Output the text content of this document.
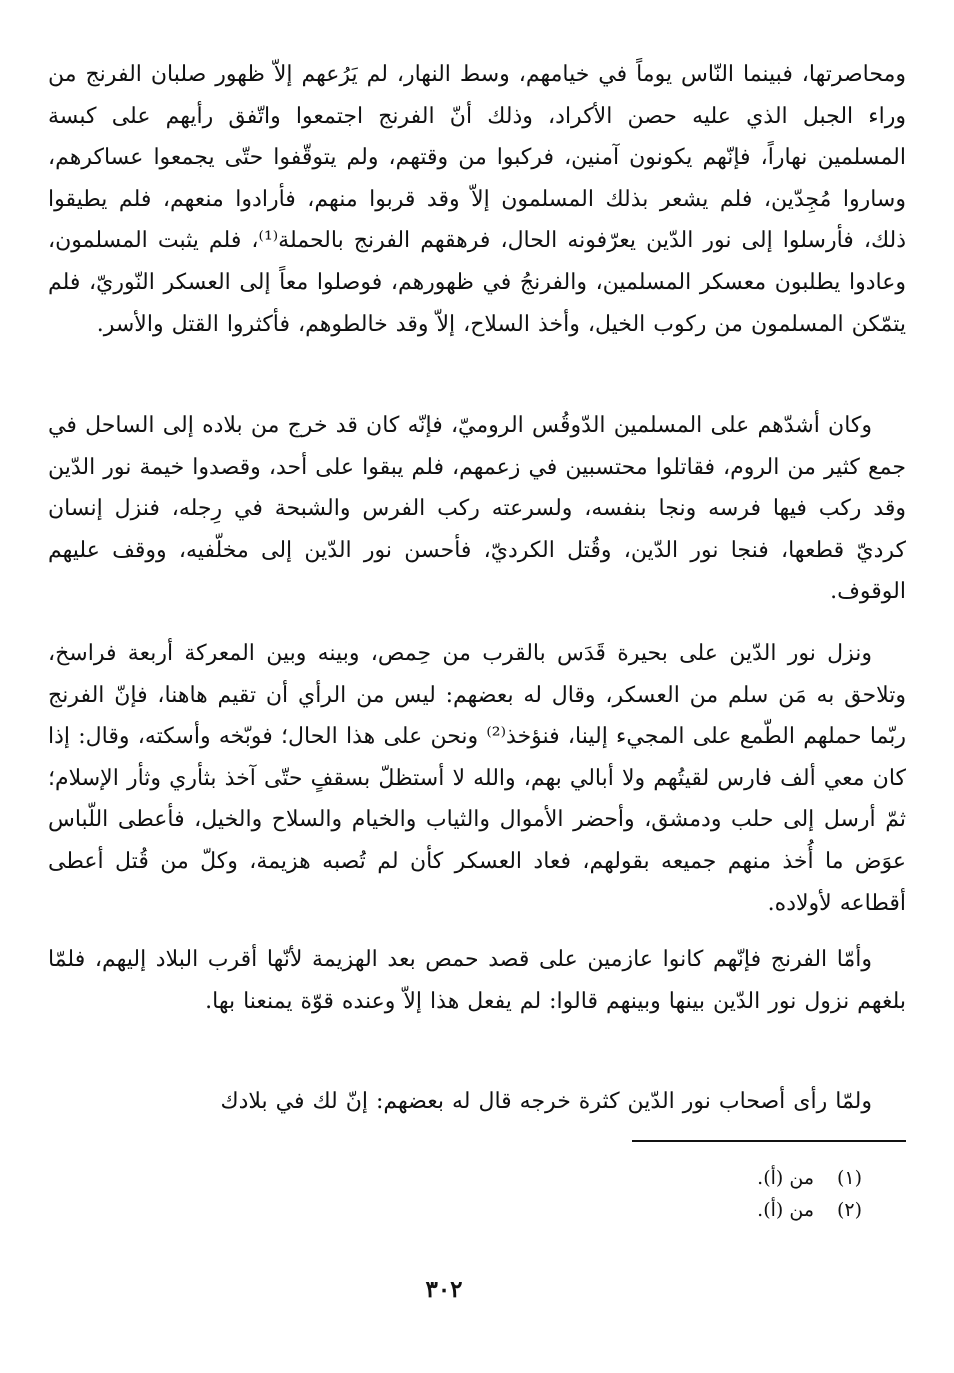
ومحاصرتها، فبينما النّاس يوماً في خيامهم، وسط النهار، لم يَرُعهم إلاّ ظهور صلبان الفرنج من وراء الجبل الذي عليه حصن الأكراد، وذلك أنّ الفرنج اجتمعوا واتّفق رأيهم على كبسة المسلمين نهاراً، فإنّهم يكونون آمنين، فركبوا من وقتهم، ولم يتوقّفوا حتّى يجمعوا عساكرهم، وساروا مُجِدّين، فلم يشعر بذلك المسلمون إلاّ وقد قربوا منهم، فأرادوا منعهم، فلم يطيقوا ذلك، فأرسلوا إلى نور الدّين يعرّفونه الحال، فرهقهم الفرنج بالحملة⁽¹⁾، فلم يثبت المسلمون، وعادوا يطلبون معسكر المسلمين، والفرنجُ في ظهورهم، فوصلوا معاً إلى العسكر النّوريّ، فلم يتمّكن المسلمون من ركوب الخيل، وأخذ السلاح، إلاّ وقد خالطوهم، فأكثروا القتل والأسر.

وكان أشدّهم على المسلمين الدّوقُس الروميّ، فإنّه كان قد خرج من بلاده إلى الساحل في جمع كثير من الروم، فقاتلوا محتسبين في زعمهم، فلم يبقوا على أحد، وقصدوا خيمة نور الدّين وقد ركب فيها فرسه ونجا بنفسه، ولسرعته ركب الفرس والشبحة في رِجله، فنزل إنسان كرديّ قطعها، فنجا نور الدّين، وقُتل الكرديّ، فأحسن نور الدّين إلى مخلّفيه، ووقف عليهم الوقوف.

ونزل نور الدّين على بحيرة قَدَس بالقرب من حِمص، وبينه وبين المعركة أربعة فراسخ، وتلاحق به مَن سلم من العسكر، وقال له بعضهم: ليس من الرأي أن تقيم هاهنا، فإنّ الفرنج ربّما حملهم الطّمع على المجيء إلينا، فنؤخذ⁽²⁾ ونحن على هذا الحال؛ فوبّخه وأسكته، وقال: إذا كان معي ألف فارس لقيتُهم ولا أبالي بهم، والله لا أستظلّ بسقفٍ حتّى آخذ بثأري وثأر الإسلام؛ ثمّ أرسل إلى حلب ودمشق، وأحضر الأموال والثياب والخيام والسلاح والخيل، فأعطى اللّباس عوَض ما أُخذ منهم جميعه بقولهم، فعاد العسكر كأن لم تُصبه هزيمة، وكلّ من قُتل أعطى أقطاعه لأولاده.

وأمّا الفرنج فإنّهم كانوا عازمين على قصد حمص بعد الهزيمة لأنّها أقرب البلاد إليهم، فلمّا بلغهم نزول نور الدّين بينها وبينهم قالوا: لم يفعل هذا إلاّ وعنده قوّة يمنعنا بها.

ولمّا رأى أصحاب نور الدّين كثرة خرجه قال له بعضهم: إنّ لك في بلادك

(١)
من (أ).
(٢)
من (أ).
٣٠٢
